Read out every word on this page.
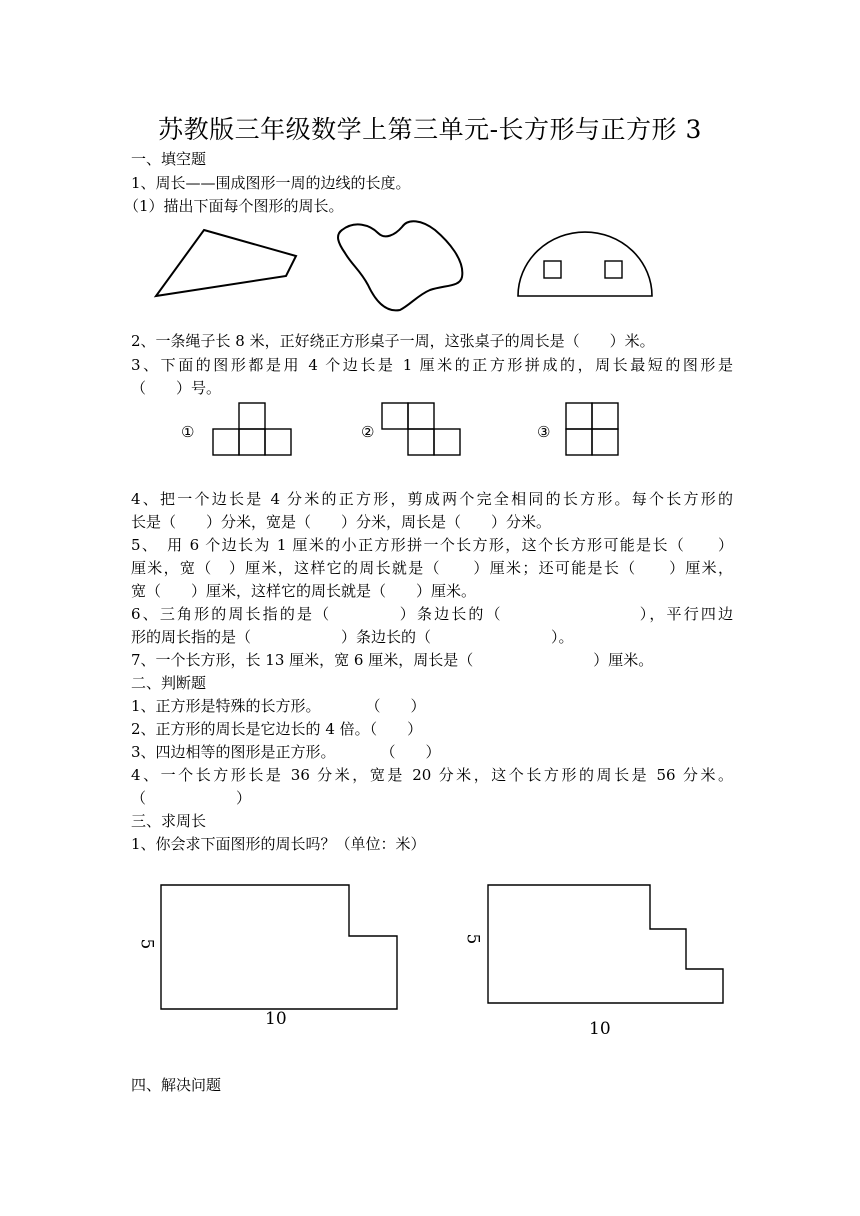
苏教版三年级数学上第三单元-长方形与正方形 3
一、填空题
1、周长——围成图形一周的边线的长度。
（1）描出下面每个图形的周长。
2、一条绳子长 8 米，正好绕正方形桌子一周，这张桌子的周长是（　　）米。
3、下面的图形都是用 4 个边长是 1 厘米的正方形拼成的，周长最短的图形是
（　　）号。
①	②	③
4、把一个边长是 4 分米的正方形，剪成两个完全相同的长方形。每个长方形的
长是（　　）分米，宽是（　　）分米，周长是（　　）分米。
5、　用 6 个边长为 1 厘米的小正方形拼一个长方形，这个长方形可能是长（　　）
厘米，宽（　）厘米，这样它的周长就是（　　）厘米；还可能是长（　　）厘米，
宽（　　）厘米，这样它的周长就是（　　）厘米。
6、三角形的周长指的是（　　　　）条边长的（　　　　　　　　），平行四边
形的周长指的是（　　　　　　）条边长的（　　　　　　　　）。
7、一个长方形，长 13 厘米，宽 6 厘米，周长是（　　　　　　　　）厘米。
二、判断题
1、正方形是特殊的长方形。　　　　（　　）
2、正方形的周长是它边长的 4 倍。（　　）
3、四边相等的图形是正方形。　　　　（　　）
4、一个长方形长是 36 分米，宽是 20 分米，这个长方形的周长是 56 分米。
（　　　　　　）
三、求周长
1、你会求下面图形的周长吗？（单位：米）
5
10
5
10
四、解决问题
